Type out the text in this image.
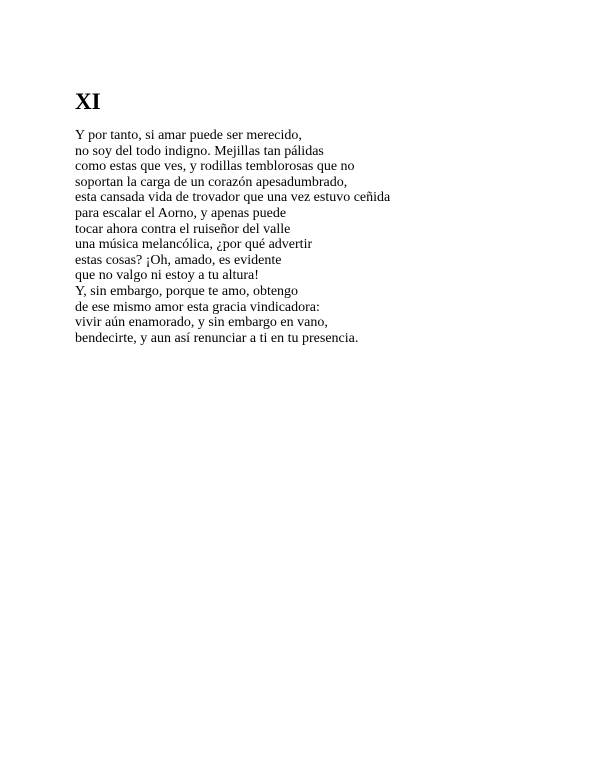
XI
Y por tanto, si amar puede ser merecido,
no soy del todo indigno. Mejillas tan pálidas
como estas que ves, y rodillas temblorosas que no
soportan la carga de un corazón apesadumbrado,
esta cansada vida de trovador que una vez estuvo ceñida
para escalar el Aorno, y apenas puede
tocar ahora contra el ruiseñor del valle
una música melancólica, ¿por qué advertir
estas cosas? ¡Oh, amado, es evidente
que no valgo ni estoy a tu altura!
Y, sin embargo, porque te amo, obtengo
de ese mismo amor esta gracia vindicadora:
vivir aún enamorado, y sin embargo en vano,
bendecirte, y aun así renunciar a ti en tu presencia.
